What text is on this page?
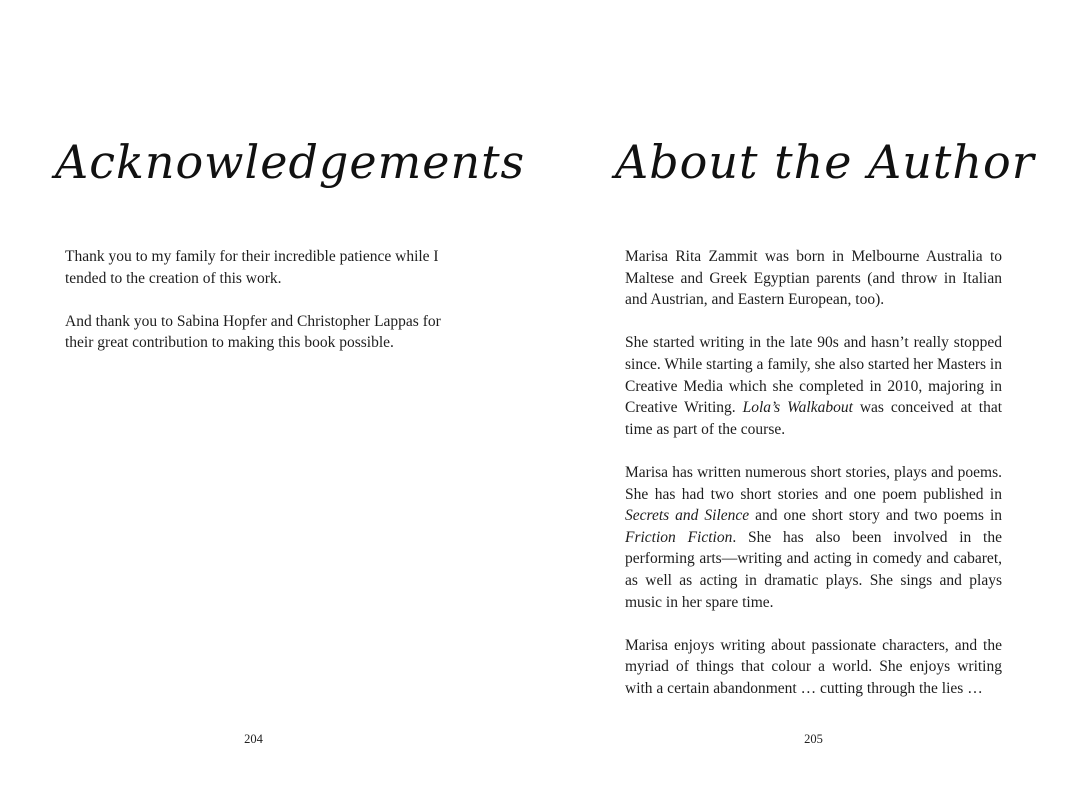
Acknowledgements

Thank you to my family for their incredible patience while I tended to the creation of this work.

And thank you to Sabina Hopfer and Christopher Lappas for their great contribution to making this book possible.

204
About the Author

Marisa Rita Zammit was born in Melbourne Australia to Maltese and Greek Egyptian parents (and throw in Italian and Austrian, and Eastern European, too).

She started writing in the late 90s and hasn’t really stopped since. While starting a family, she also started her Masters in Creative Media which she completed in 2010, majoring in Creative Writing. Lola’s Walkabout was conceived at that time as part of the course.

Marisa has written numerous short stories, plays and poems. She has had two short stories and one poem published in Secrets and Silence and one short story and two poems in Friction Fiction. She has also been involved in the performing arts—writing and acting in comedy and cabaret, as well as acting in dramatic plays. She sings and plays music in her spare time.

Marisa enjoys writing about passionate characters, and the myriad of things that colour a world. She enjoys writing with a certain abandonment … cutting through the lies …

205
